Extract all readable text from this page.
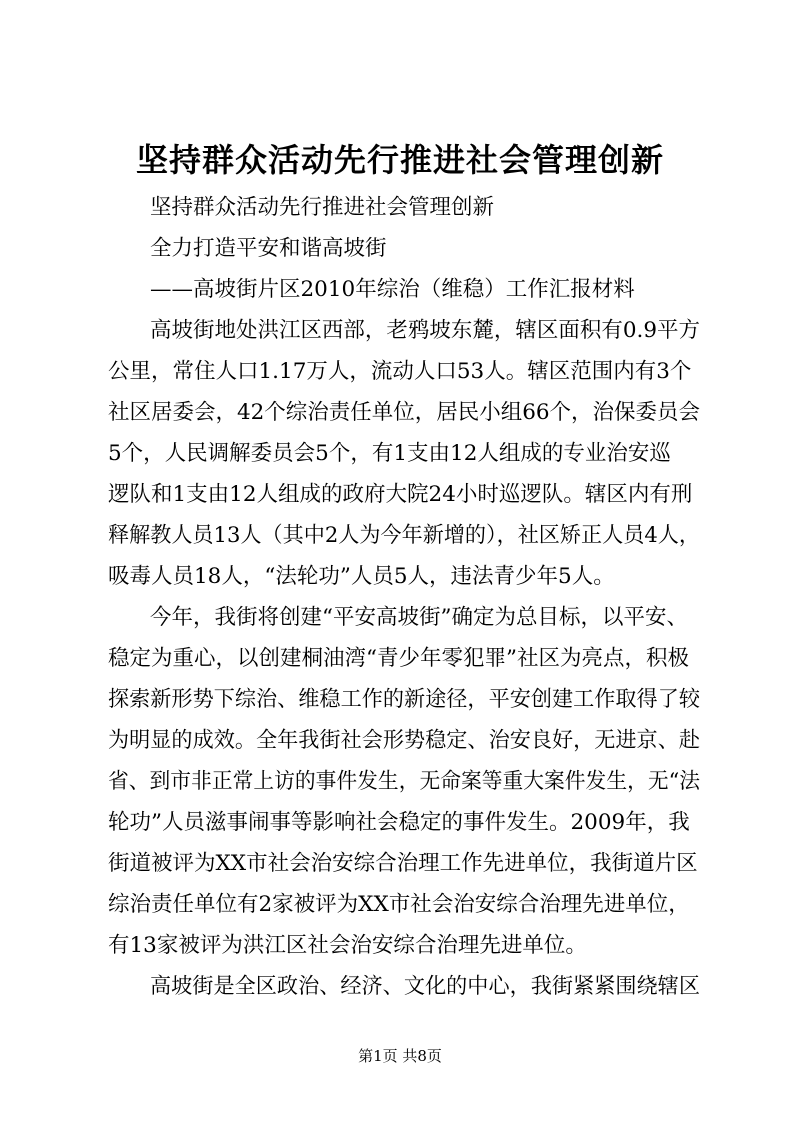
坚持群众活动先行推进社会管理创新
坚持群众活动先行推进社会管理创新
全力打造平安和谐高坡街
——高坡街片区2010年综治（维稳）工作汇报材料
高坡街地处洪江区西部，老鸦坡东麓，辖区面积有0.9平方
公里，常住人口1.17万人，流动人口53人。辖区范围内有3个
社区居委会，42个综治责任单位，居民小组66个，治保委员会
5个，人民调解委员会5个，有1支由12人组成的专业治安巡
逻队和1支由12人组成的政府大院24小时巡逻队。辖区内有刑
释解教人员13人（其中2人为今年新增的），社区矫正人员4人，
吸毒人员18人，“法轮功”人员5人，违法青少年5人。
今年，我街将创建“平安高坡街”确定为总目标，以平安、
稳定为重心，以创建桐油湾“青少年零犯罪”社区为亮点，积极
探索新形势下综治、维稳工作的新途径，平安创建工作取得了较
为明显的成效。全年我街社会形势稳定、治安良好，无进京、赴
省、到市非正常上访的事件发生，无命案等重大案件发生，无“法
轮功”人员滋事闹事等影响社会稳定的事件发生。2009年，我
街道被评为XX市社会治安综合治理工作先进单位，我街道片区
综治责任单位有2家被评为XX市社会治安综合治理先进单位，
有13家被评为洪江区社会治安综合治理先进单位。
高坡街是全区政治、经济、文化的中心，我街紧紧围绕辖区
第1页 共8页
